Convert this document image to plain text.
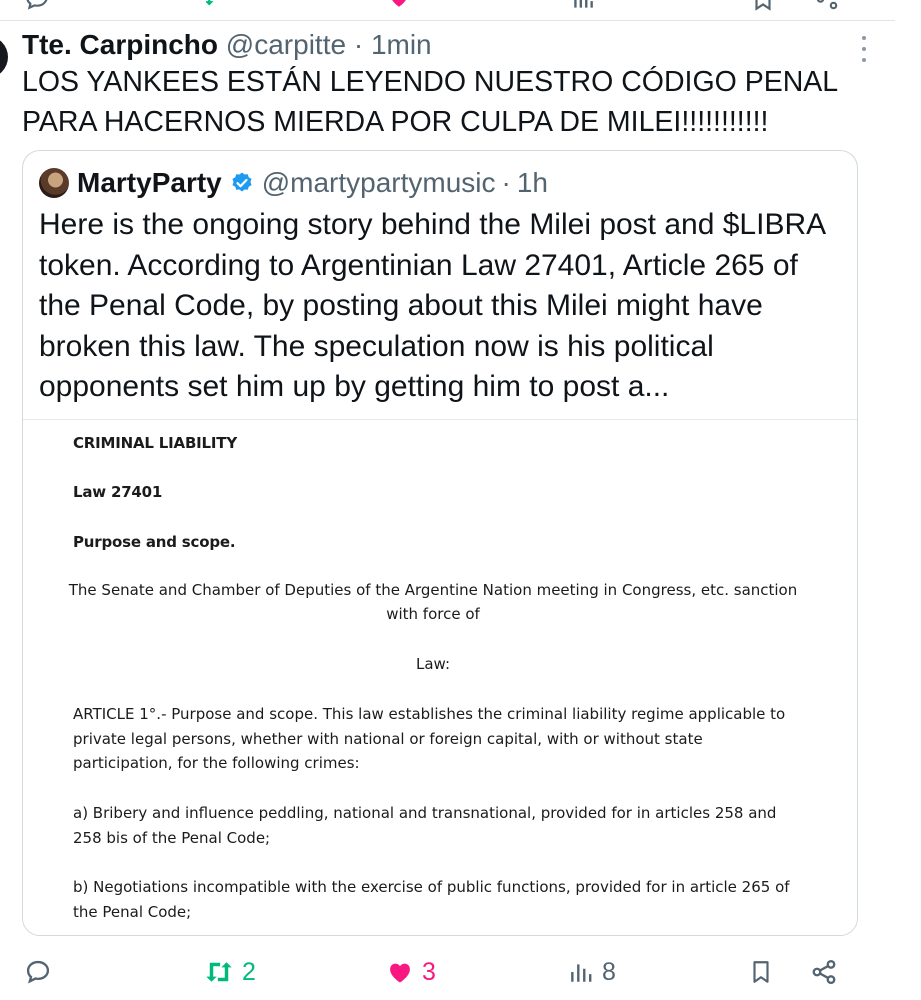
Tte. Carpincho @carpitte · 1min
LOS YANKEES ESTÁN LEYENDO NUESTRO CÓDIGO PENAL PARA HACERNOS MIERDA POR CULPA DE MILEI!!!!!!!!!!!
MartyParty @martypartymusic · 1h
Here is the ongoing story behind the Milei post and $LIBRA token. According to Argentinian Law 27401, Article 265 of the Penal Code, by posting about this Milei might have broken this law. The speculation now is his political opponents set him up by getting him to post a...
CRIMINAL LIABILITY
Law 27401
Purpose and scope.
The Senate and Chamber of Deputies of the Argentine Nation meeting in Congress, etc. sanction with force of
Law:
ARTICLE 1°.- Purpose and scope. This law establishes the criminal liability regime applicable to private legal persons, whether with national or foreign capital, with or without state participation, for the following crimes:
a) Bribery and influence peddling, national and transnational, provided for in articles 258 and 258 bis of the Penal Code;
b) Negotiations incompatible with the exercise of public functions, provided for in article 265 of the Penal Code;
2	3	8
